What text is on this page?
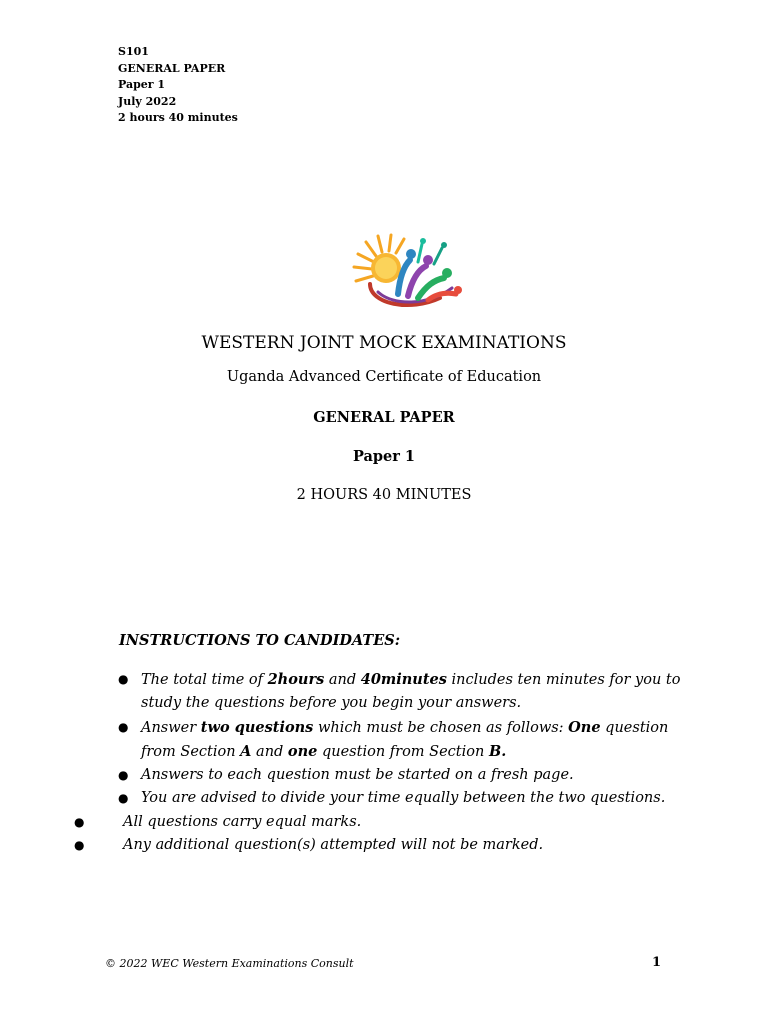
S101
GENERAL PAPER
Paper 1
July 2022
2 hours 40 minutes
WESTERN JOINT MOCK EXAMINATIONS
Uganda Advanced Certificate of Education
GENERAL PAPER
Paper 1
2 HOURS 40 MINUTES
INSTRUCTIONS TO CANDIDATES:
● The total time of 2hours and 40minutes includes ten minutes for you to study the questions before you begin your answers.
● Answer two questions which must be chosen as follows: One question from Section A and one question from Section B.
● Answers to each question must be started on a fresh page.
● You are advised to divide your time equally between the two questions.
●	All questions carry equal marks.
●	Any additional question(s) attempted will not be marked.
© 2022 WEC Western Examinations Consult	1
